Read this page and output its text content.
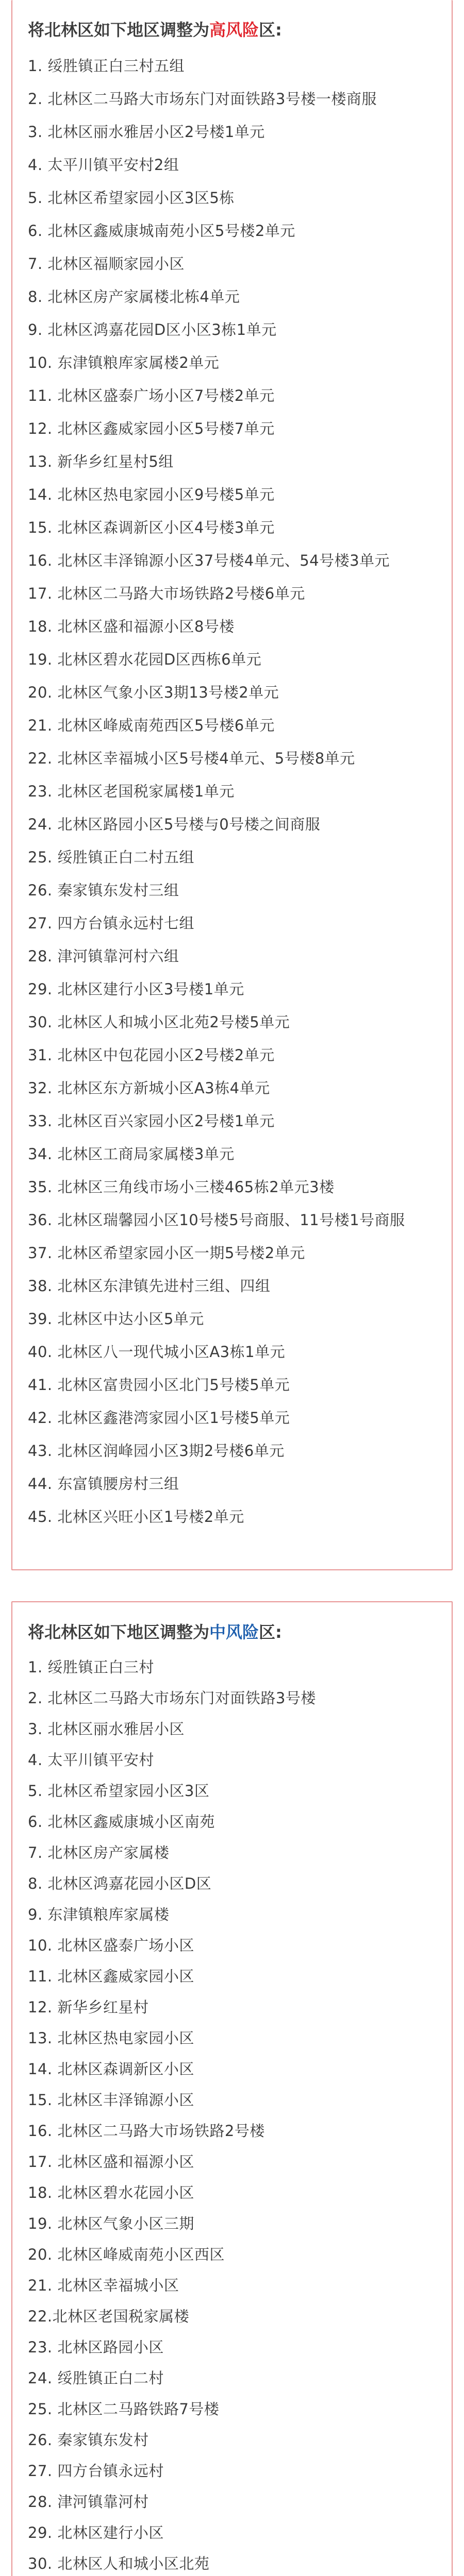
将北林区如下地区调整为高风险区:
1. 绥胜镇正白三村五组
2. 北林区二马路大市场东门对面铁路3号楼一楼商服
3. 北林区丽水雅居小区2号楼1单元
4. 太平川镇平安村2组
5. 北林区希望家园小区3区5栋
6. 北林区鑫威康城南苑小区5号楼2单元
7. 北林区福顺家园小区
8. 北林区房产家属楼北栋4单元
9. 北林区鸿嘉花园D区小区3栋1单元
10. 东津镇粮库家属楼2单元
11. 北林区盛泰广场小区7号楼2单元
12. 北林区鑫威家园小区5号楼7单元
13. 新华乡红星村5组
14. 北林区热电家园小区9号楼5单元
15. 北林区森调新区小区4号楼3单元
16. 北林区丰泽锦源小区37号楼4单元、54号楼3单元
17. 北林区二马路大市场铁路2号楼6单元
18. 北林区盛和福源小区8号楼
19. 北林区碧水花园D区西栋6单元
20. 北林区气象小区3期13号楼2单元
21. 北林区峰威南苑西区5号楼6单元
22. 北林区幸福城小区5号楼4单元、5号楼8单元
23. 北林区老国税家属楼1单元
24. 北林区路园小区5号楼与0号楼之间商服
25. 绥胜镇正白二村五组
26. 秦家镇东发村三组
27. 四方台镇永远村七组
28. 津河镇靠河村六组
29. 北林区建行小区3号楼1单元
30. 北林区人和城小区北苑2号楼5单元
31. 北林区中包花园小区2号楼2单元
32. 北林区东方新城小区A3栋4单元
33. 北林区百兴家园小区2号楼1单元
34. 北林区工商局家属楼3单元
35. 北林区三角线市场小三楼465栋2单元3楼
36. 北林区瑞馨园小区10号楼5号商服、11号楼1号商服
37. 北林区希望家园小区一期5号楼2单元
38. 北林区东津镇先进村三组、四组
39. 北林区中达小区5单元
40. 北林区八一现代城小区A3栋1单元
41. 北林区富贵园小区北门5号楼5单元
42. 北林区鑫港湾家园小区1号楼5单元
43. 北林区润峰园小区3期2号楼6单元
44. 东富镇腰房村三组
45. 北林区兴旺小区1号楼2单元
将北林区如下地区调整为中风险区:
1. 绥胜镇正白三村
2. 北林区二马路大市场东门对面铁路3号楼
3. 北林区丽水雅居小区
4. 太平川镇平安村
5. 北林区希望家园小区3区
6. 北林区鑫威康城小区南苑
7. 北林区房产家属楼
8. 北林区鸿嘉花园小区D区
9. 东津镇粮库家属楼
10. 北林区盛泰广场小区
11. 北林区鑫威家园小区
12. 新华乡红星村
13. 北林区热电家园小区
14. 北林区森调新区小区
15. 北林区丰泽锦源小区
16. 北林区二马路大市场铁路2号楼
17. 北林区盛和福源小区
18. 北林区碧水花园小区
19. 北林区气象小区三期
20. 北林区峰威南苑小区西区
21. 北林区幸福城小区
22.北林区老国税家属楼
23. 北林区路园小区
24. 绥胜镇正白二村
25. 北林区二马路铁路7号楼
26. 秦家镇东发村
27. 四方台镇永远村
28. 津河镇靠河村
29. 北林区建行小区
30. 北林区人和城小区北苑
